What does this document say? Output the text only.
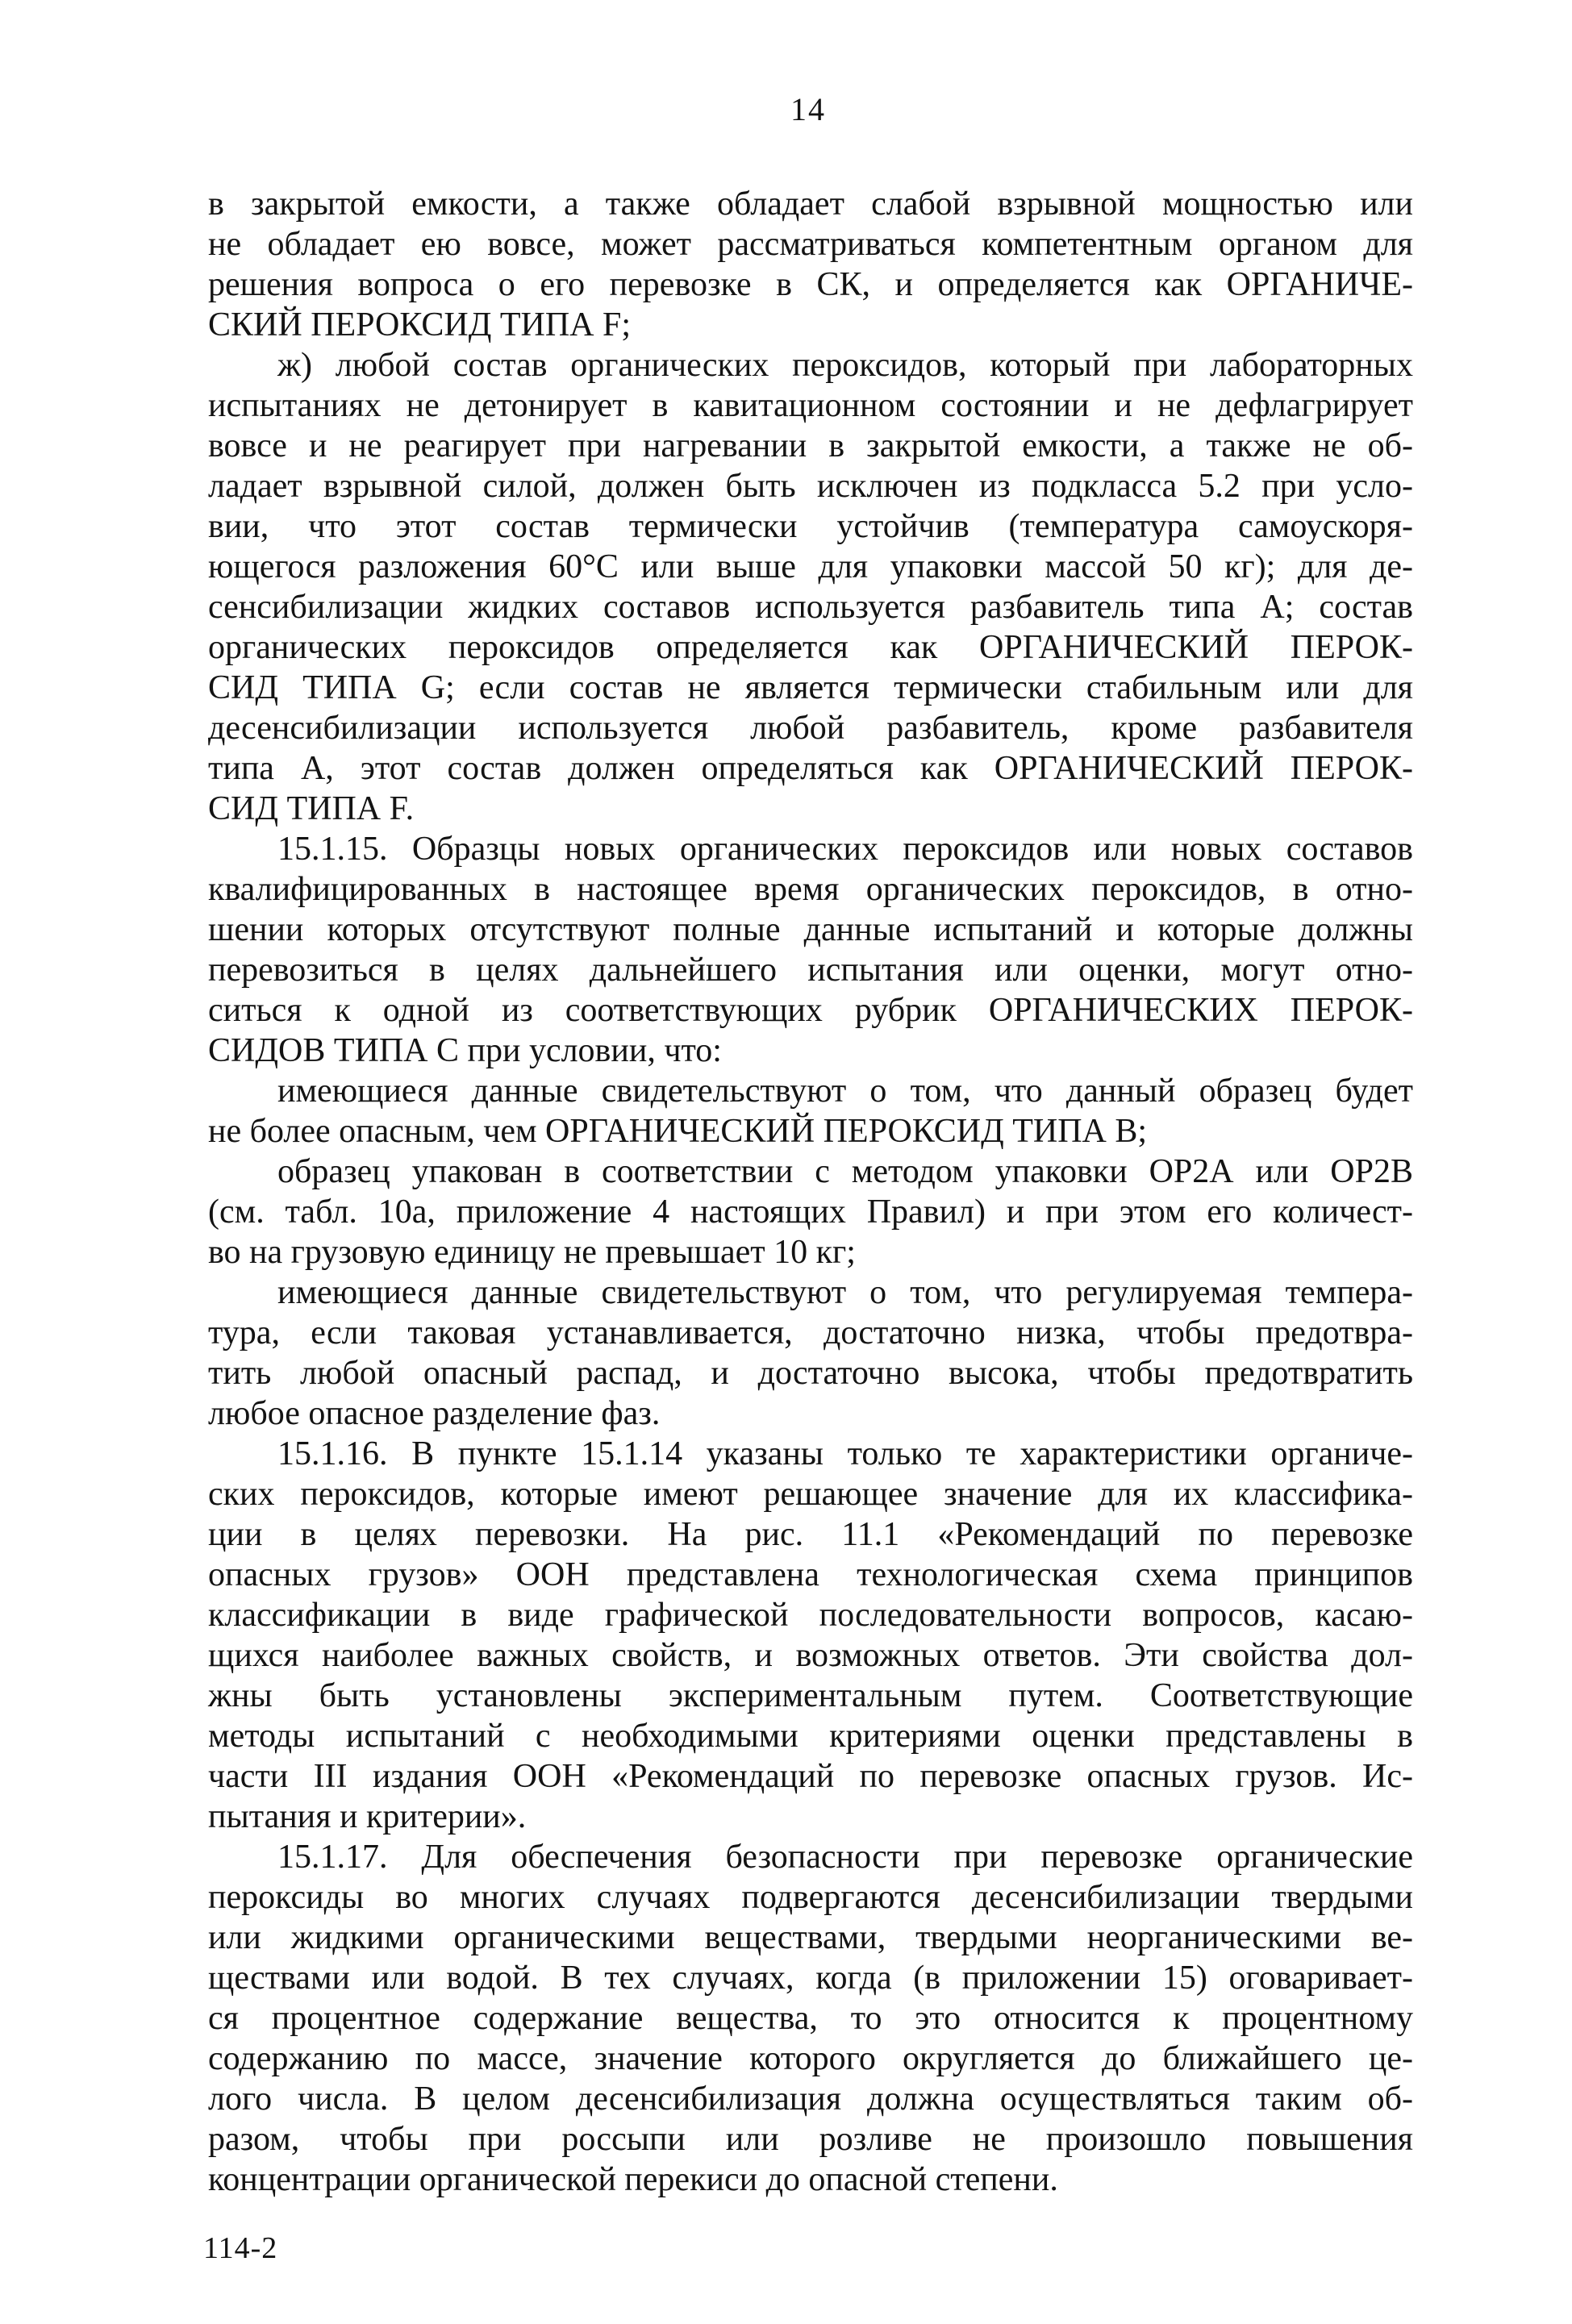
14
в закрытой емкости, а также обладает слабой взрывной мощностью или
не обладает ею вовсе, может рассматриваться компетентным органом для
решения вопроса о его перевозке в СК, и определяется как ОРГАНИЧЕ-
СКИЙ ПЕРОКСИД ТИПА F;
ж) любой состав органических пероксидов, который при лабораторных
испытаниях не детонирует в кавитационном состоянии и не дефлагрирует
вовсе и не реагирует при нагревании в закрытой емкости, а также не об-
ладает взрывной силой, должен быть исключен из подкласса 5.2 при усло-
вии, что этот состав термически устойчив (температура самоускоря-
ющегося разложения 60°С или выше для упаковки массой 50 кг); для де-
сенсибилизации жидких составов используется разбавитель типа А; состав
органических пероксидов определяется как ОРГАНИЧЕСКИЙ ПЕРОК-
СИД ТИПА G; если состав не является термически стабильным или для
десенсибилизации используется любой разбавитель, кроме разбавителя
типа А, этот состав должен определяться как ОРГАНИЧЕСКИЙ ПЕРОК-
СИД ТИПА F.
15.1.15. Образцы новых органических пероксидов или новых составов
квалифицированных в настоящее время органических пероксидов, в отно-
шении которых отсутствуют полные данные испытаний и которые должны
перевозиться в целях дальнейшего испытания или оценки, могут отно-
ситься к одной из соответствующих рубрик ОРГАНИЧЕСКИХ ПЕРОК-
СИДОВ ТИПА С при условии, что:
имеющиеся данные свидетельствуют о том, что данный образец будет
не более опасным, чем ОРГАНИЧЕСКИЙ ПЕРОКСИД ТИПА В;
образец упакован в соответствии с методом упаковки ОР2А или ОР2В
(см. табл. 10а, приложение 4 настоящих Правил) и при этом его количест-
во на грузовую единицу не превышает 10 кг;
имеющиеся данные свидетельствуют о том, что регулируемая темпера-
тура, если таковая устанавливается, достаточно низка, чтобы предотвра-
тить любой опасный распад, и достаточно высока, чтобы предотвратить
любое опасное разделение фаз.
15.1.16. В пункте 15.1.14 указаны только те характеристики органиче-
ских пероксидов, которые имеют решающее значение для их классифика-
ции в целях перевозки. На рис. 11.1 «Рекомендаций по перевозке
опасных грузов» ООН представлена технологическая схема принципов
классификации в виде графической последовательности вопросов, касаю-
щихся наиболее важных свойств, и возможных ответов. Эти свойства дол-
жны быть установлены экспериментальным путем. Соответствующие
методы испытаний с необходимыми критериями оценки представлены в
части III издания ООН «Рекомендаций по перевозке опасных грузов. Ис-
пытания и критерии».
15.1.17. Для обеспечения безопасности при перевозке органические
пероксиды во многих случаях подвергаются десенсибилизации твердыми
или жидкими органическими веществами, твердыми неорганическими ве-
ществами или водой. В тех случаях, когда (в приложении 15) оговаривает-
ся процентное содержание вещества, то это относится к процентному
содержанию по массе, значение которого округляется до ближайшего це-
лого числа. В целом десенсибилизация должна осуществляться таким об-
разом, чтобы при россыпи или розливе не произошло повышения
концентрации органической перекиси до опасной степени.
114-2
